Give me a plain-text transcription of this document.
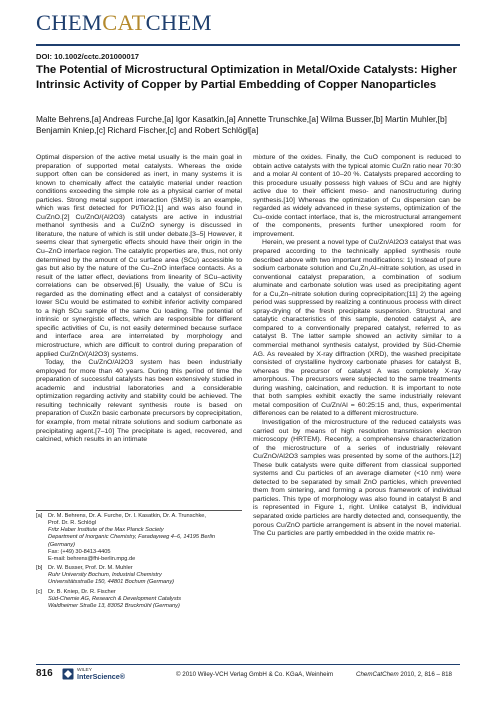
CHEMCATCHEM
DOI: 10.1002/cctc.201000017
The Potential of Microstructural Optimization in Metal/Oxide Catalysts: Higher Intrinsic Activity of Copper by Partial Embedding of Copper Nanoparticles
Malte Behrens,[a] Andreas Furche,[a] Igor Kasatkin,[a] Annette Trunschke,[a] Wilma Busser,[b] Martin Muhler,[b] Benjamin Kniep,[c] Richard Fischer,[c] and Robert Schlögl[a]

Optimal dispersion of the active metal usually is the main goal in preparation of supported metal catalysts. Whereas the oxide support often can be considered as inert, in many systems it is known to chemically affect the catalytic material under reaction conditions exceeding the simple role as a physical carrier of metal particles. Strong metal support interaction (SMSI) is an example, which was first detected for Pt/TiO2.[1] and was also found in Cu/ZnO.[2] Cu/ZnO/(Al2O3) catalysts are active in industrial methanol synthesis and a Cu/ZnO synergy is discussed in literature, the nature of which is still under debate.[3–5] However, it seems clear that synergetic effects should have their origin in the Cu–ZnO interface region. The catalytic properties are, thus, not only determined by the amount of Cu surface area (SCu) accessible to gas but also by the nature of the Cu–ZnO interface contacts. As a result of the latter effect, deviations from linearity of SCu–activity correlations can be observed.[6] Usually, the value of SCu is regarded as the dominating effect and a catalyst of considerably lower SCu would be estimated to exhibit inferior activity compared to a high SCu sample of the same Cu loading. The potential of intrinsic or synergistic effects, which are responsible for different specific activities of Cu, is not easily determined because surface and interface area are interrelated by morphology and microstructure, which are difficult to control during preparation of applied Cu/ZnO/(Al2O3) systems.

Today, the Cu/ZnO/Al2O3 system has been industrially employed for more than 40 years. During this period of time the preparation of successful catalysts has been extensively studied in academic and industrial laboratories and a considerable optimization regarding activity and stability could be achieved. The resulting technically relevant synthesis route is based on preparation of CuxZn basic carbonate precursors by coprecipitation, for example, from metal nitrate solutions and sodium carbonate as precipitating agent.[7–10] The precipitate is aged, recovered, and calcined, which results in an intimate

mixture of the oxides. Finally, the CuO component is reduced to obtain active catalysts with the typical atomic Cu/Zn ratio near 70:30 and a molar Al content of 10–20 %. Catalysts prepared according to this procedure usually possess high values of SCu and are highly active due to their efficient meso- and nanostructuring during synthesis.[10] Whereas the optimization of Cu dispersion can be regarded as widely advanced in these systems, optimization of the Cu–oxide contact interface, that is, the microstructural arrangement of the components, presents further unexplored room for improvement.

Herein, we present a novel type of Cu/Zn/Al2O3 catalyst that was prepared according to the technically applied synthesis route described above with two important modifications: 1) Instead of pure sodium carbonate solution and Cu,Zn,Al–nitrate solution, as used in conventional catalyst preparation, a combination of sodium aluminate and carbonate solution was used as precipitating agent for a Cu,Zn–nitrate solution during coprecipitation;[11] 2) the ageing period was suppressed by realizing a continuous process with direct spray-drying of the fresh precipitate suspension. Structural and catalytic characteristics of this sample, denoted catalyst A, are compared to a conventionally prepared catalyst, referred to as catalyst B. The latter sample showed an activity similar to a commercial methanol synthesis catalyst, provided by Süd-Chemie AG. As revealed by X-ray diffraction (XRD), the washed precipitate consisted of crystalline hydroxy carbonate phases for catalyst B, whereas the precursor of catalyst A was completely X-ray amorphous. The precursors were subjected to the same treatments during washing, calcination, and reduction. It is important to note that both samples exhibit exactly the same industrially relevant metal composition of Cu/Zn/Al = 60:25:15 and, thus, experimental differences can be related to a different microstructure.

Investigation of the microstructure of the reduced catalysts was carried out by means of high resolution transmission electron microscopy (HRTEM). Recently, a comprehensive characterization of the microstructure of a series of industrially relevant Cu/ZnO/Al2O3 samples was presented by some of the authors.[12] These bulk catalysts were quite different from classical supported systems and Cu particles of an average diameter (<10 nm) were detected to be separated by small ZnO particles, which prevented them from sintering, and forming a porous framework of individual particles. This type of morphology was also found in catalyst B and is represented in Figure 1, right. Unlike catalyst B, individual separated oxide particles are hardly detected and, consequently, the porous Cu/ZnO particle arrangement is absent in the novel material. The Cu particles are partly embedded in the oxide matrix re-

[a] Dr. M. Behrens, Dr. A. Furche, Dr. I. Kasatkin, Dr. A. Trunschke,
Prof. Dr. R. Schlögl
Fritz Haber Institute of the Max Planck Society
Department of Inorganic Chemistry, Faradayweg 4–6, 14195 Berlin (Germany)
Fax: (+49) 30-8413-4405
E-mail: behrens@fhi-berlin.mpg.de
[b] Dr. W. Busser, Prof. Dr. M. Muhler
Ruhr University Bochum, Industrial Chemistry
Universitätsstraße 150, 44801 Bochum (Germany)
[c] Dr. B. Kniep, Dr. R. Fischer
Süd-Chemie AG, Research & Development Catalysts
Waldheimer Straße 13, 83052 Bruckmühl (Germany)
816	WILEY
InterScience®	© 2010 Wiley-VCH Verlag GmbH & Co. KGaA, Weinheim	ChemCatChem 2010, 2, 816 – 818
